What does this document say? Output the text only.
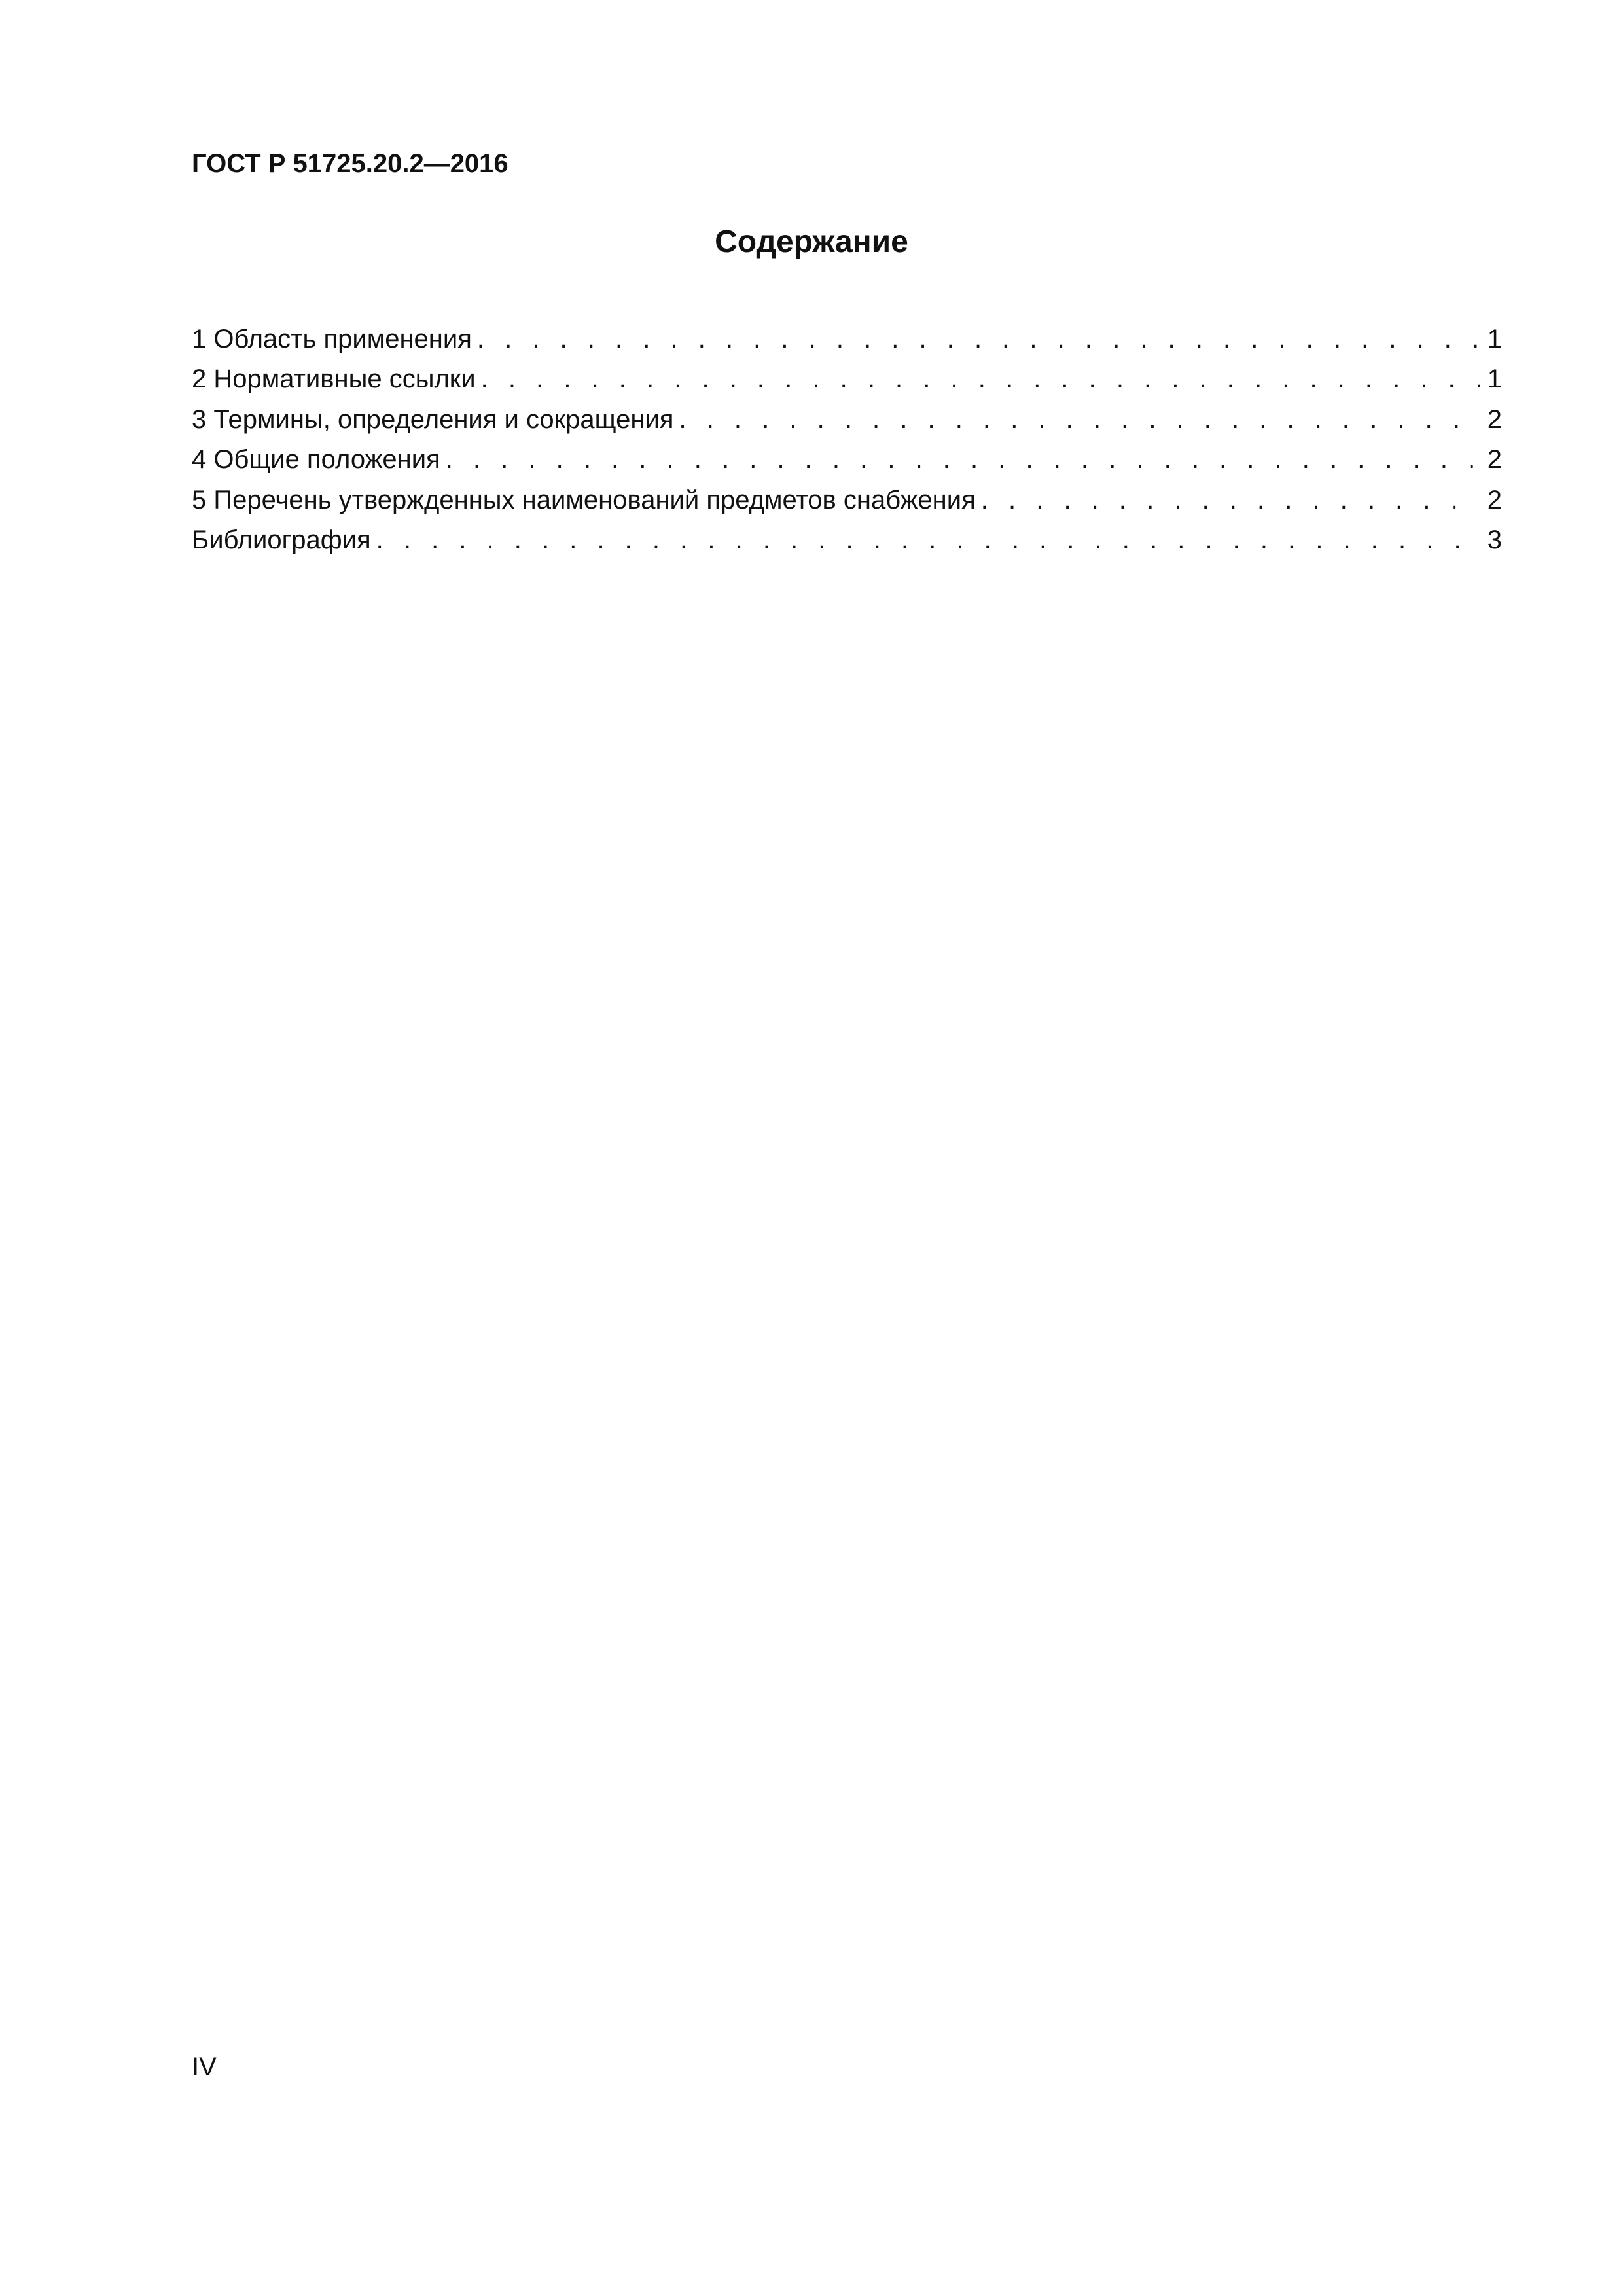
ГОСТ Р 51725.20.2—2016
Содержание
1 Область применения . . .	1
2 Нормативные ссылки . . .	1
3 Термины, определения и сокращения . . .	2
4 Общие положения . . .	2
5 Перечень утвержденных наименований предметов снабжения . . .	2
Библиография . . .	3
IV
